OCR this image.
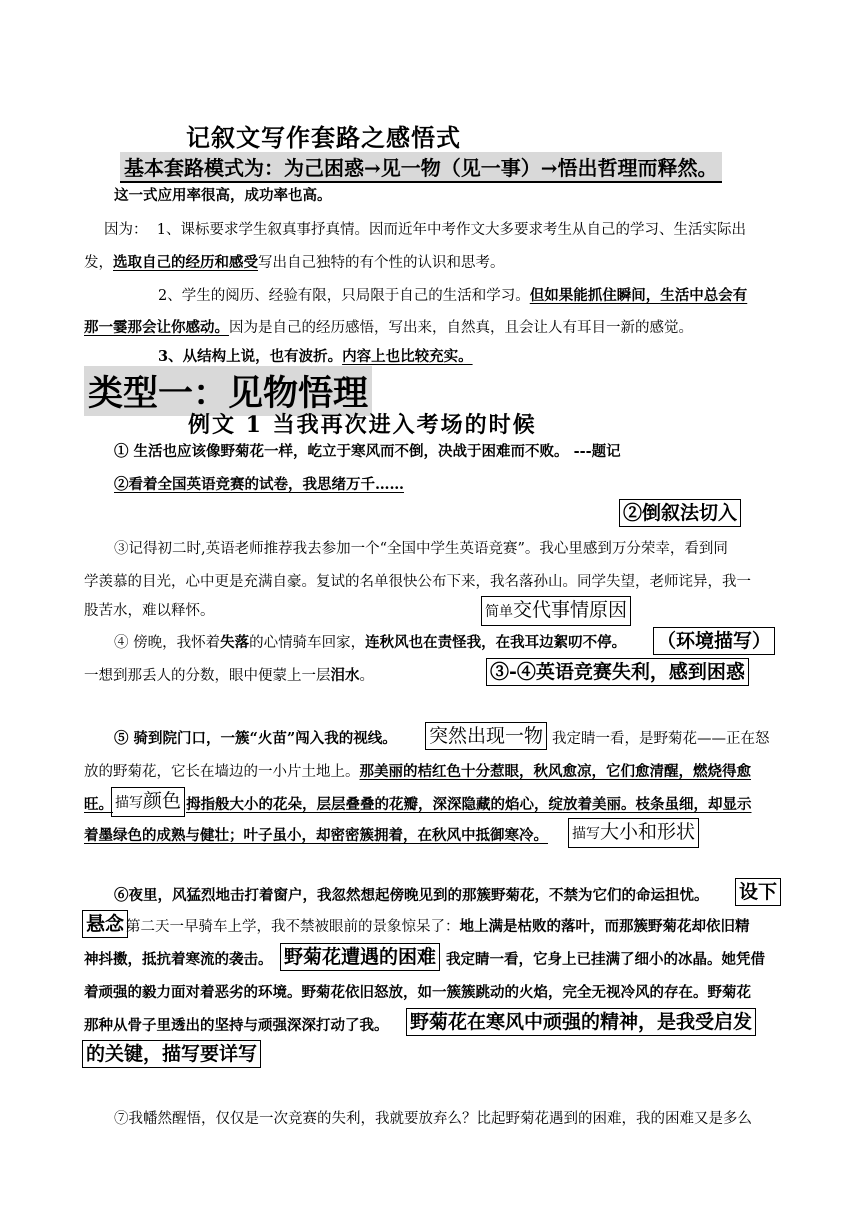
记叙文写作套路之感悟式
基本套路模式为：为己困惑→见一物（见一事）→悟出哲理而释然。
这一式应用率很高，成功率也高。
因为： 1、课标要求学生叙真事抒真情。因而近年中考作文大多要求考生从自己的学习、生活实际出
发，选取自己的经历和感受写出自己独特的有个性的认识和思考。
2、学生的阅历、经验有限，只局限于自己的生活和学习。但如果能抓住瞬间，生活中总会有
那一霎那会让你感动。因为是自己的经历感悟，写出来，自然真，且会让人有耳目一新的感觉。
3、从结构上说，也有波折。内容上也比较充实。
类型一：见物悟理
例文 1 当我再次进入考场的时候
① 生活也应该像野菊花一样，屹立于寒风而不倒，决战于困难而不败。 ---题记
②看着全国英语竞赛的试卷，我思绪万千……
②倒叙法切入
③记得初二时,英语老师推荐我去参加一个“全国中学生英语竞赛”。我心里感到万分荣幸，看到同
学羡慕的目光，心中更是充满自豪。复试的名单很快公布下来，我名落孙山。同学失望，老师诧异，我一
股苦水，难以释怀。	简单交代事情原因
④ 傍晚，我怀着失落的心情骑车回家，连秋风也在责怪我，在我耳边絮叨不停。 （环境描写）
一想到那丢人的分数，眼中便蒙上一层泪水。	③-④英语竞赛失利，感到困惑
⑤ 骑到院门口，一簇“火苗”闯入我的视线。 突然出现一物 我定睛一看，是野菊花——正在怒
放的野菊花，它长在墙边的一小片土地上。那美丽的桔红色十分惹眼，秋风愈凉，它们愈清醒，燃烧得愈
旺。 描写颜色 拇指般大小的花朵，层层叠叠的花瓣，深深隐藏的焰心，绽放着美丽。枝条虽细，却显示
着墨绿色的成熟与健壮；叶子虽小，却密密簇拥着，在秋风中抵御寒冷。 描写大小和形状
⑥夜里，风猛烈地击打着窗户，我忽然想起傍晚见到的那簇野菊花，不禁为它们的命运担忧。 设下
悬念 第二天一早骑车上学，我不禁被眼前的景象惊呆了：地上满是枯败的落叶，而那簇野菊花却依旧精
神抖擞，抵抗着寒流的袭击。 野菊花遭遇的困难 我定睛一看，它身上已挂满了细小的冰晶。她凭借
着顽强的毅力面对着恶劣的环境。野菊花依旧怒放，如一簇簇跳动的火焰，完全无视冷风的存在。野菊花
那种从骨子里透出的坚持与顽强深深打动了我。 野菊花在寒风中顽强的精神，是我受启发
的关键，描写要详写
⑦我幡然醒悟，仅仅是一次竞赛的失利，我就要放弃么？比起野菊花遇到的困难，我的困难又是多么
